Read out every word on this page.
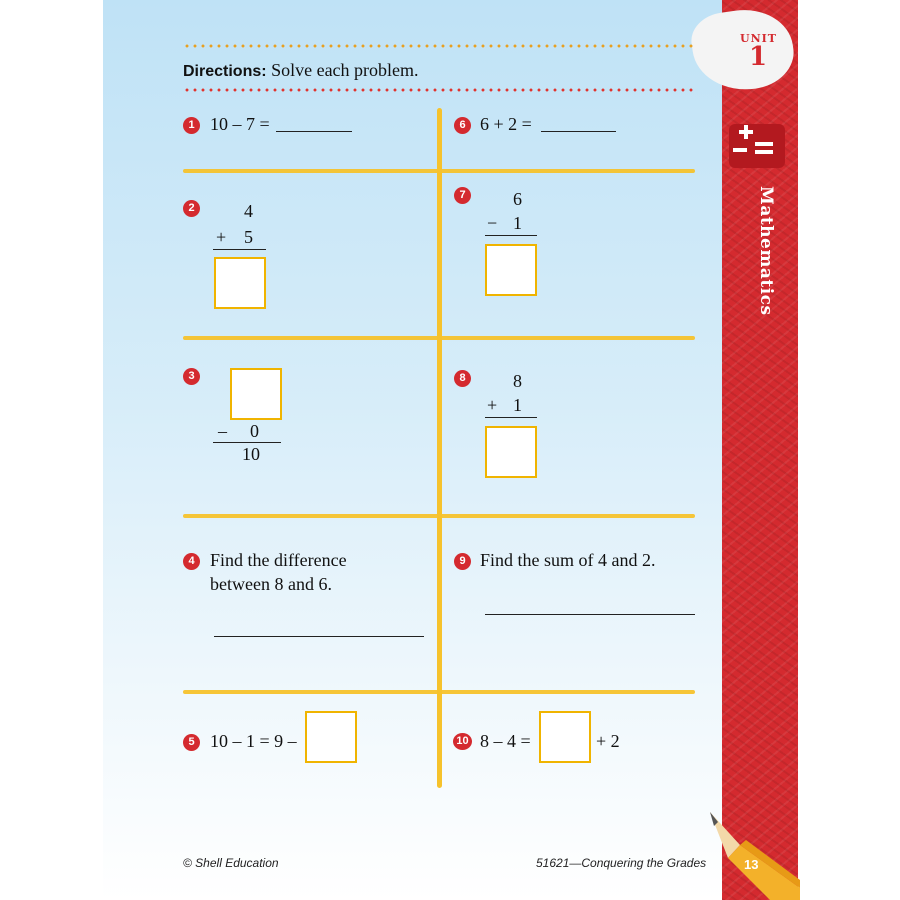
UNIT
1
Mathematics
Directions: Solve each problem.
1 10 – 7 =
2	4
+ 5
3
– 0
10
4 Find the difference
between 8 and 6.
5 10 – 1 = 9 –
6 6 + 2 =
7	6
− 1
8	8
+ 1
9 Find the sum of 4 and 2.
10 8 – 4 =	+ 2
© Shell Education	51621—Conquering the Grades	13
